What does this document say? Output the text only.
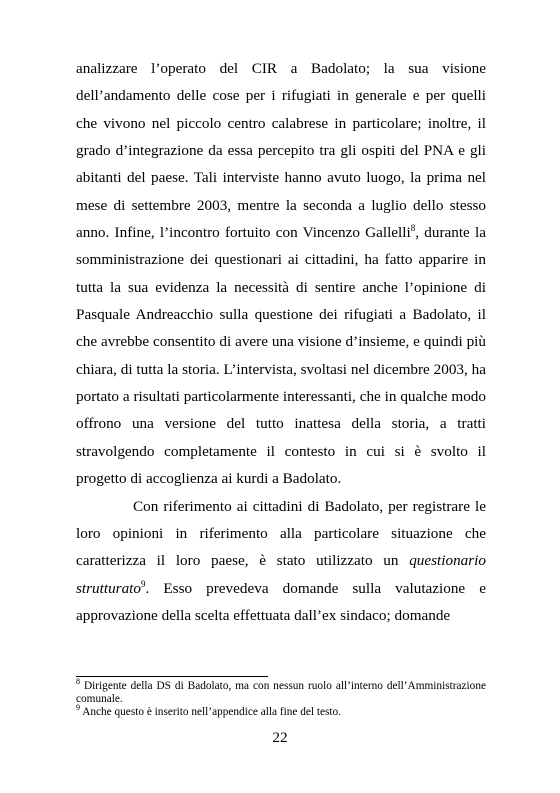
analizzare l’operato del CIR a Badolato; la sua visione dell’andamento delle cose per i rifugiati in generale e per quelli che vivono nel piccolo centro calabrese in particolare; inoltre, il grado d’integrazione da essa percepito tra gli ospiti del PNA e gli abitanti del paese. Tali interviste hanno avuto luogo, la prima nel mese di settembre 2003, mentre la seconda a luglio dello stesso anno. Infine, l’incontro fortuito con Vincenzo Gallelli$^8$, durante la somministrazione dei questionari ai cittadini, ha fatto apparire in tutta la sua evidenza la necessità di sentire anche l’opinione di Pasquale Andreacchio sulla questione dei rifugiati a Badolato, il che avrebbe consentito di avere una visione d’insieme, e quindi più chiara, di tutta la storia. L’intervista, svoltasi nel dicembre 2003, ha portato a risultati particolarmente interessanti, che in qualche modo offrono una versione del tutto inattesa della storia, a tratti stravolgendo completamente il contesto in cui si è svolto il progetto di accoglienza ai kurdi a Badolato.

Con riferimento ai cittadini di Badolato, per registrare le loro opinioni in riferimento alla particolare situazione che caratterizza il loro paese, è stato utilizzato un questionario strutturato$^9$. Esso prevedeva domande sulla valutazione e approvazione della scelta effettuata dall’ex sindaco; domande

$^8$ Dirigente della DS di Badolato, ma con nessun ruolo all’interno dell’Amministrazione comunale.

$^9$ Anche questo è inserito nell’appendice alla fine del testo.

22
